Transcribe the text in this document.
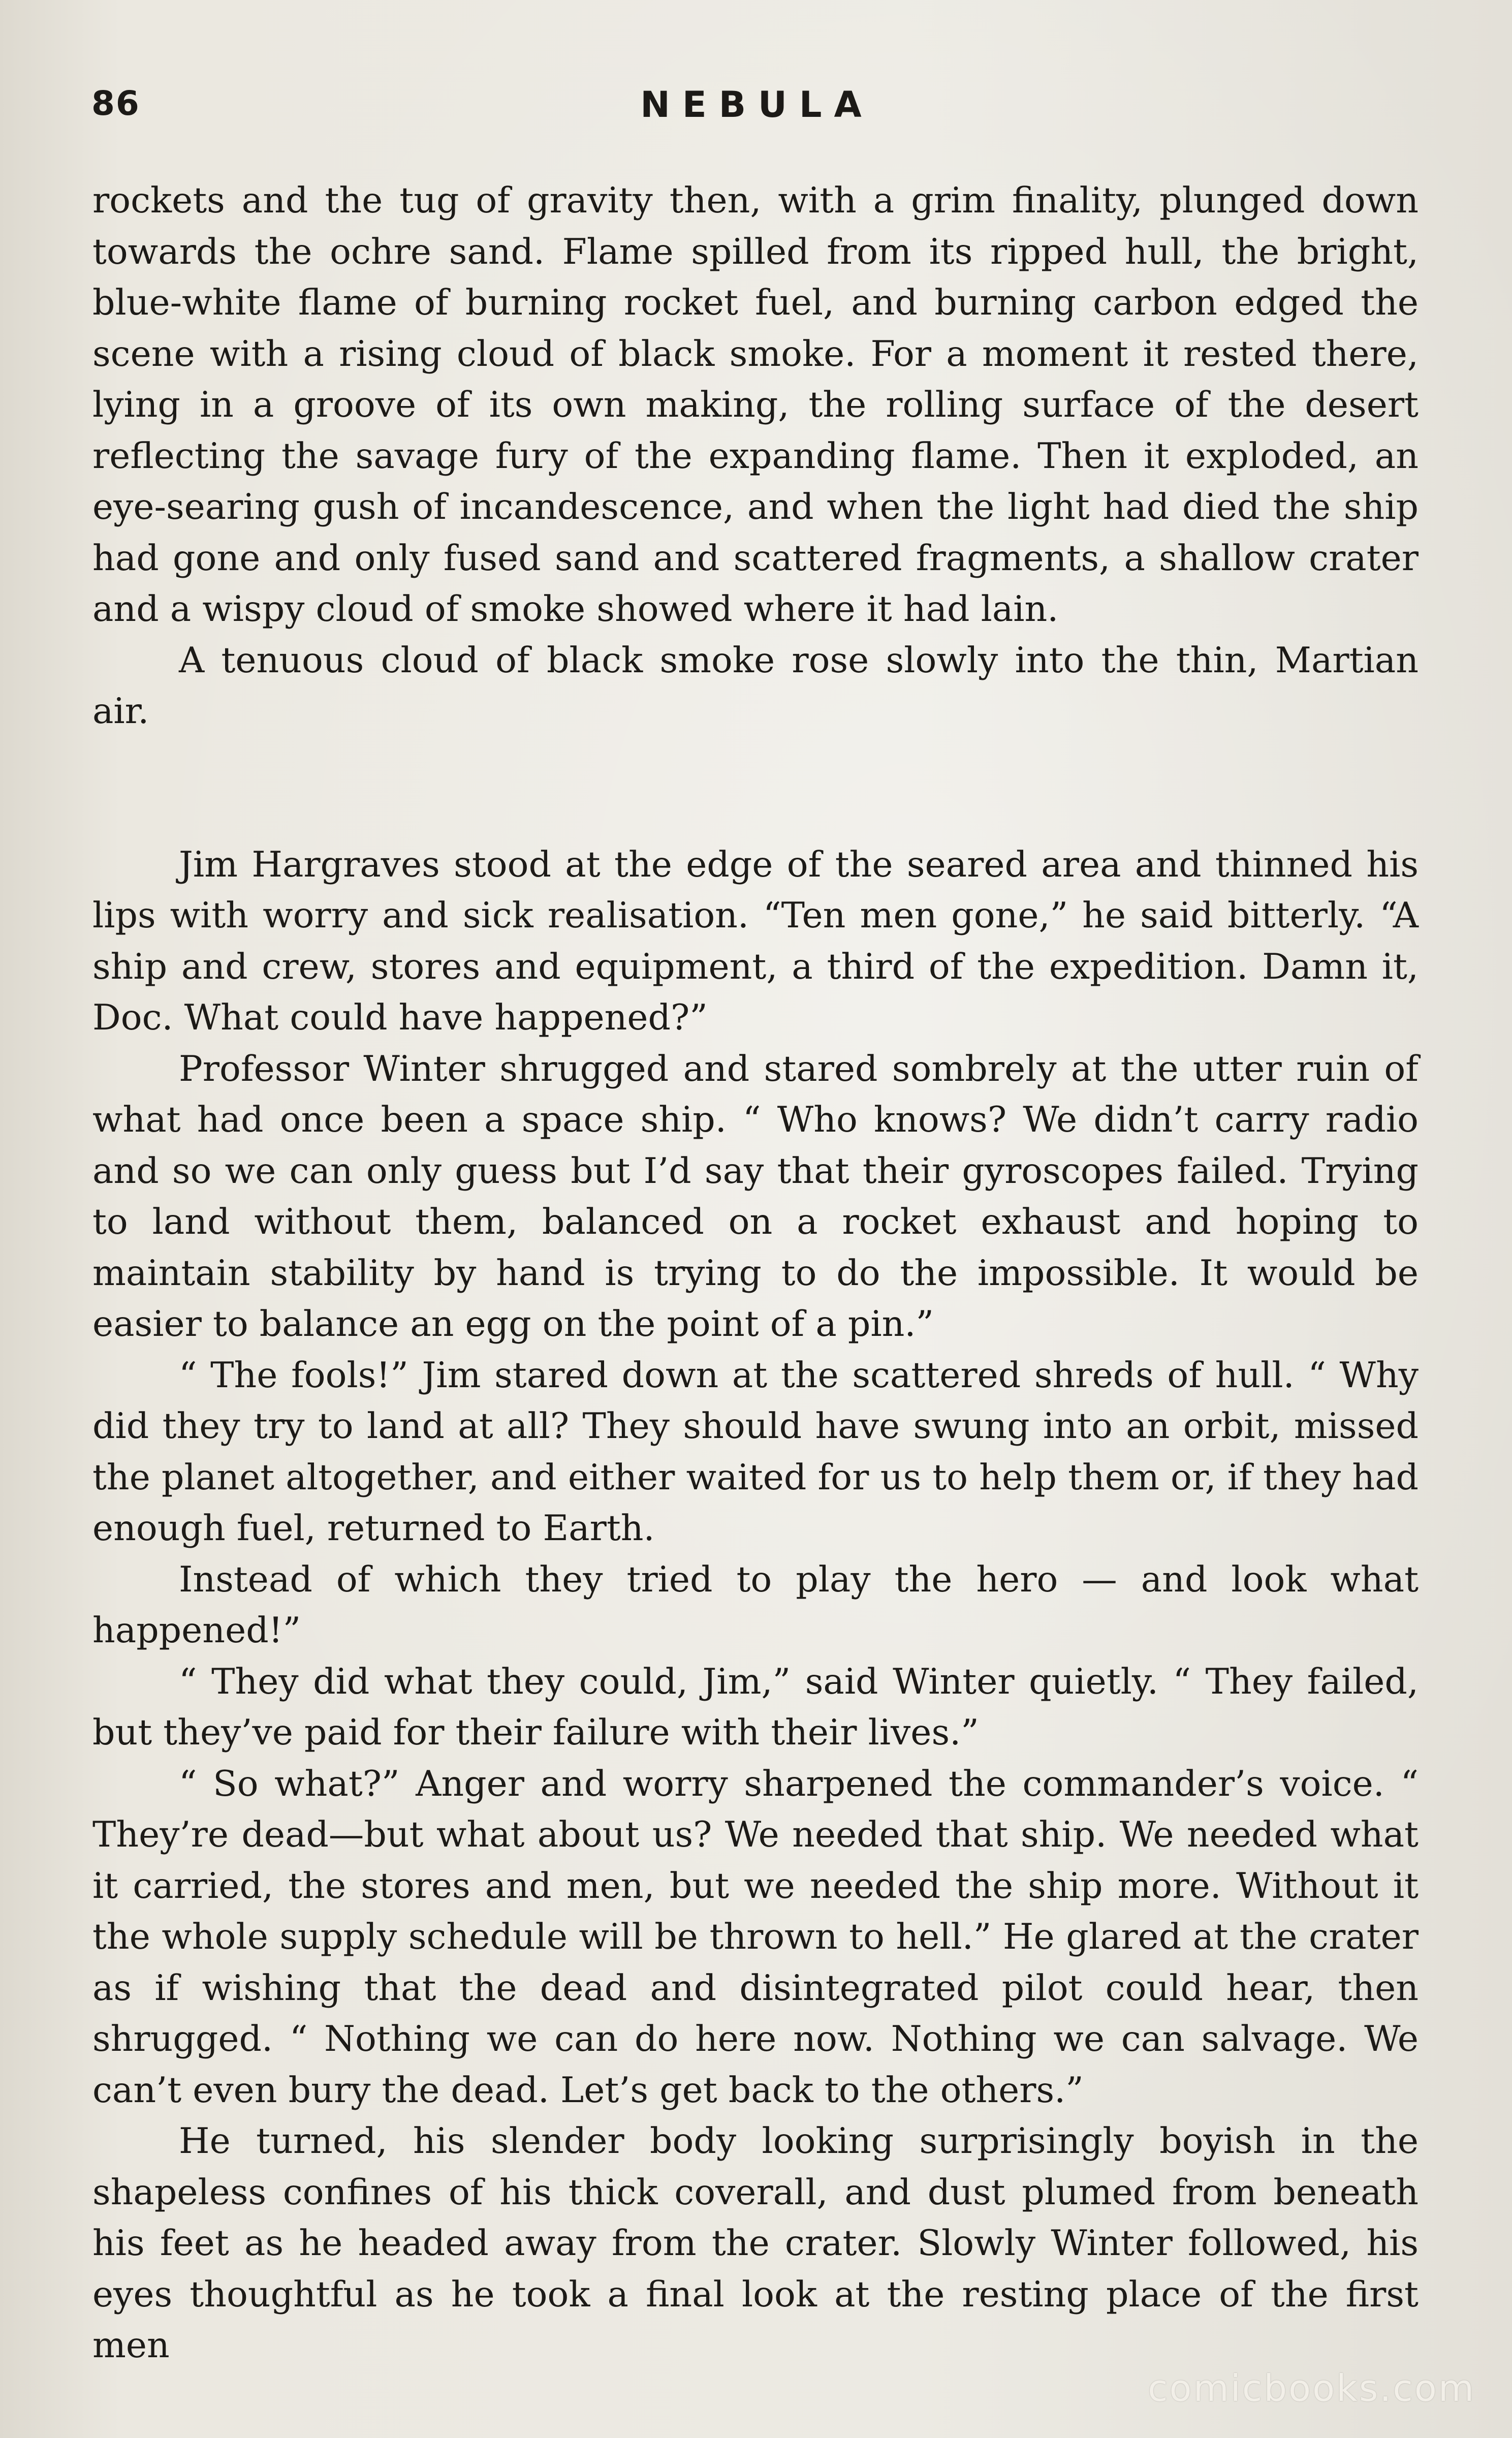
86	NEBULA

rockets and the tug of gravity then, with a grim finality, plunged down towards the ochre sand. Flame spilled from its ripped hull, the bright, blue-white flame of burning rocket fuel, and burning carbon edged the scene with a rising cloud of black smoke. For a moment it rested there, lying in a groove of its own making, the rolling surface of the desert reflecting the savage fury of the expanding flame. Then it exploded, an eye-searing gush of incandescence, and when the light had died the ship had gone and only fused sand and scattered fragments, a shallow crater and a wispy cloud of smoke showed where it had lain.

A tenuous cloud of black smoke rose slowly into the thin, Martian air.

Jim Hargraves stood at the edge of the seared area and thinned his lips with worry and sick realisation. “Ten men gone,” he said bitterly. “A ship and crew, stores and equipment, a third of the expedition. Damn it, Doc. What could have happened?”

Professor Winter shrugged and stared sombrely at the utter ruin of what had once been a space ship. “ Who knows? We didn’t carry radio and so we can only guess but I’d say that their gyroscopes failed. Trying to land without them, balanced on a rocket exhaust and hoping to maintain stability by hand is trying to do the impossible. It would be easier to balance an egg on the point of a pin.”

“ The fools!” Jim stared down at the scattered shreds of hull. “ Why did they try to land at all? They should have swung into an orbit, missed the planet altogether, and either waited for us to help them or, if they had enough fuel, returned to Earth.

Instead of which they tried to play the hero — and look what happened!”

“ They did what they could, Jim,” said Winter quietly. “ They failed, but they’ve paid for their failure with their lives.”

“ So what?” Anger and worry sharpened the commander’s voice. “ They’re dead—but what about us? We needed that ship. We needed what it carried, the stores and men, but we needed the ship more. Without it the whole supply schedule will be thrown to hell.” He glared at the crater as if wishing that the dead and disintegrated pilot could hear, then shrugged. “ Nothing we can do here now. Nothing we can salvage. We can’t even bury the dead. Let’s get back to the others.”

He turned, his slender body looking surprisingly boyish in the shapeless confines of his thick coverall, and dust plumed from beneath his feet as he headed away from the crater. Slowly Winter followed, his eyes thoughtful as he took a final look at the resting place of the first men

comicbooks.com
